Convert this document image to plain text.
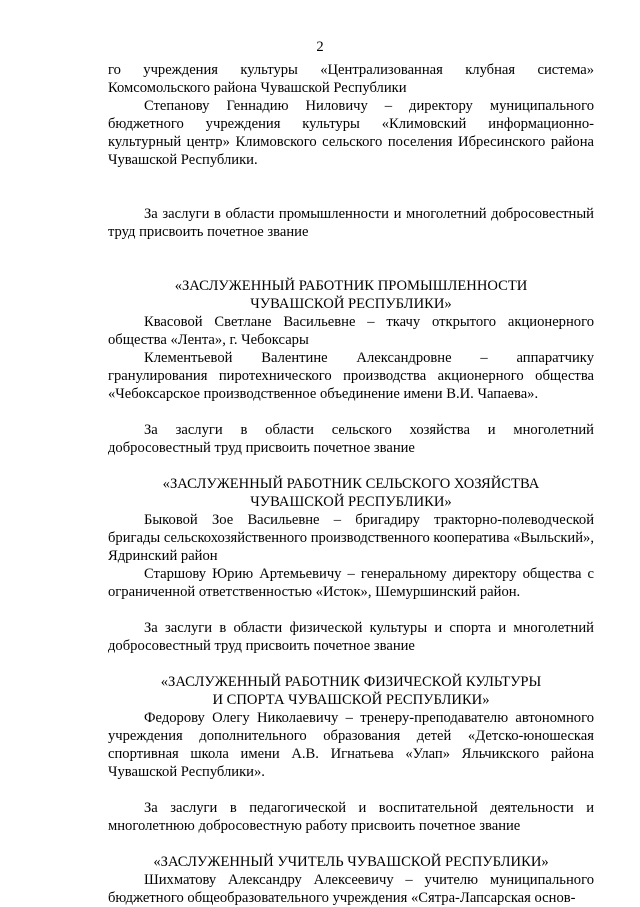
2

го учреждения культуры «Централизованная клубная система» Комсомольского района Чувашской Республики

Степанову Геннадию Ниловичу – директору муниципального бюджетного учреждения культуры «Климовский информационно-культурный центр» Климовского сельского поселения Ибресинского района Чувашской Республики.

За заслуги в области промышленности и многолетний добросовестный труд присвоить почетное звание

«ЗАСЛУЖЕННЫЙ РАБОТНИК ПРОМЫШЛЕННОСТИ

ЧУВАШСКОЙ РЕСПУБЛИКИ»

Квасовой Светлане Васильевне – ткачу открытого акционерного общества «Лента», г. Чебоксары

Клементьевой Валентине Александровне – аппаратчику гранулирования пиротехнического производства акционерного общества «Чебоксарское производственное объединение имени В.И. Чапаева».

За заслуги в области сельского хозяйства и многолетний добросовестный труд присвоить почетное звание

«ЗАСЛУЖЕННЫЙ РАБОТНИК СЕЛЬСКОГО ХОЗЯЙСТВА

ЧУВАШСКОЙ РЕСПУБЛИКИ»

Быковой Зое Васильевне – бригадиру тракторно-полеводческой бригады сельскохозяйственного производственного кооператива «Выльский», Ядринский район

Старшову Юрию Артемьевичу – генеральному директору общества с ограниченной ответственностью «Исток», Шемуршинский район.

За заслуги в области физической культуры и спорта и многолетний добросовестный труд присвоить почетное звание

«ЗАСЛУЖЕННЫЙ РАБОТНИК ФИЗИЧЕСКОЙ КУЛЬТУРЫ

И СПОРТА ЧУВАШСКОЙ РЕСПУБЛИКИ»

Федорову Олегу Николаевичу – тренеру-преподавателю автономного учреждения дополнительного образования детей «Детско-юношеская спортивная школа имени А.В. Игнатьева «Улап» Яльчикского района Чувашской Республики».

За заслуги в педагогической и воспитательной деятельности и многолетнюю добросовестную работу присвоить почетное звание

«ЗАСЛУЖЕННЫЙ УЧИТЕЛЬ ЧУВАШСКОЙ РЕСПУБЛИКИ»

Шихматову Александру Алексеевичу – учителю муниципального бюджетного общеобразовательного учреждения «Сятра-Лапсарская основ-
